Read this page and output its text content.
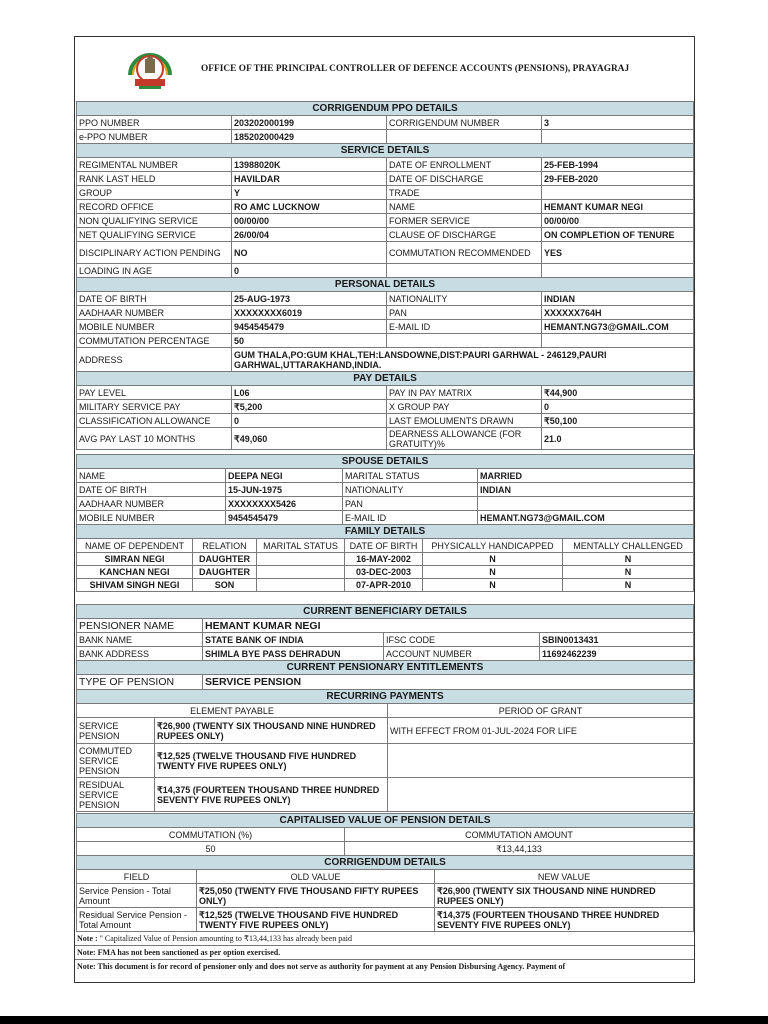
OFFICE OF THE PRINCIPAL CONTROLLER OF DEFENCE ACCOUNTS (PENSIONS), PRAYAGRAJ
CORRIGENDUM PPO DETAILS			
PPO NUMBER	203202000199	CORRIGENDUM NUMBER	3
e-PPO NUMBER	185202000429		
SERVICE DETAILS			
REGIMENTAL NUMBER	13988020K	DATE OF ENROLLMENT	25-FEB-1994
RANK LAST HELD	HAVILDAR	DATE OF DISCHARGE	29-FEB-2020
GROUP	Y	TRADE	
RECORD OFFICE	RO AMC LUCKNOW	NAME	HEMANT KUMAR NEGI
NON QUALIFYING SERVICE	00/00/00	FORMER SERVICE	00/00/00
NET QUALIFYING SERVICE	26/00/04	CLAUSE OF DISCHARGE	ON COMPLETION OF TENURE
DISCIPLINARY ACTION PENDING	NO	COMMUTATION RECOMMENDED	YES
LOADING IN AGE	0		
PERSONAL DETAILS			
DATE OF BIRTH	25-AUG-1973	NATIONALITY	INDIAN
AADHAAR NUMBER	XXXXXXXX6019	PAN	XXXXXX764H
MOBILE NUMBER	9454545479	E-MAIL ID	HEMANT.NG73@GMAIL.COM
COMMUTATION PERCENTAGE	50		
ADDRESS	GUM THALA,PO:GUM KHAL,TEH:LANSDOWNE,DIST:PAURI GARHWAL - 246129,PAURI GARHWAL,UTTARAKHAND,INDIA.		
PAY DETAILS			
PAY LEVEL	L06	PAY IN PAY MATRIX	₹44,900
MILITARY SERVICE PAY	₹5,200	X GROUP PAY	0
CLASSIFICATION ALLOWANCE	0	LAST EMOLUMENTS DRAWN	₹50,100
AVG PAY LAST 10 MONTHS	₹49,060	DEARNESS ALLOWANCE (FOR GRATUITY)%	21.0
SPOUSE DETAILS			
NAME	DEEPA NEGI	MARITAL STATUS	MARRIED
DATE OF BIRTH	15-JUN-1975	NATIONALITY	INDIAN
AADHAAR NUMBER	XXXXXXXX5426	PAN	
MOBILE NUMBER	9454545479	E-MAIL ID	HEMANT.NG73@GMAIL.COM
FAMILY DETAILS					
NAME OF DEPENDENT	RELATION	MARITAL STATUS	DATE OF BIRTH	PHYSICALLY HANDICAPPED	MENTALLY CHALLENGED
SIMRAN NEGI	DAUGHTER		16-MAY-2002	N	N
KANCHAN NEGI	DAUGHTER		03-DEC-2003	N	N
SHIVAM SINGH NEGI	SON		07-APR-2010	N	N
CURRENT BENEFICIARY DETAILS			
PENSIONER NAME	HEMANT KUMAR NEGI		
BANK NAME	STATE BANK OF INDIA	IFSC CODE	SBIN0013431
BANK ADDRESS	SHIMLA BYE PASS DEHRADUN	ACCOUNT NUMBER	11692462239
CURRENT PENSIONARY ENTITLEMENTS
TYPE OF PENSION	SERVICE PENSION
RECURRING PAYMENTS		
ELEMENT PAYABLE		PERIOD OF GRANT
SERVICE PENSION	₹26,900 (TWENTY SIX THOUSAND NINE HUNDRED RUPEES ONLY)	WITH EFFECT FROM 01-JUL-2024 FOR LIFE
COMMUTED SERVICE PENSION	₹12,525 (TWELVE THOUSAND FIVE HUNDRED TWENTY FIVE RUPEES ONLY)	
RESIDUAL SERVICE PENSION	₹14,375 (FOURTEEN THOUSAND THREE HUNDRED SEVENTY FIVE RUPEES ONLY)	
CAPITALISED VALUE OF PENSION DETAILS	
COMMUTATION (%)	COMMUTATION AMOUNT
50	₹13,44,133
CORRIGENDUM DETAILS		
FIELD	OLD VALUE	NEW VALUE
Service Pension - Total Amount	₹25,050 (TWENTY FIVE THOUSAND FIFTY RUPEES ONLY)	₹26,900 (TWENTY SIX THOUSAND NINE HUNDRED RUPEES ONLY)
Residual Service Pension - Total Amount	₹12,525 (TWELVE THOUSAND FIVE HUNDRED TWENTY FIVE RUPEES ONLY)	₹14,375 (FOURTEEN THOUSAND THREE HUNDRED SEVENTY FIVE RUPEES ONLY)
Note : " Capitalized Value of Pension amounting to ₹13,44,133 has already been paid
Note: FMA has not been sanctioned as per option exercised.
Note: This document is for record of pensioner only and does not serve as authority for payment at any Pension Disbursing Agency. Payment of
